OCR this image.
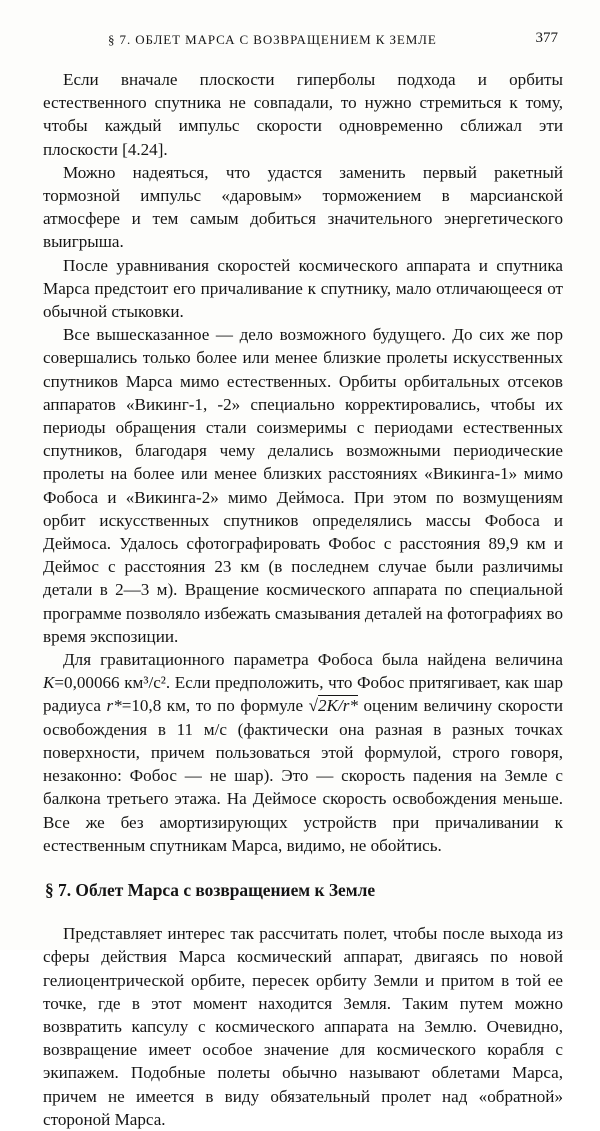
§ 7. ОБЛЕТ МАРСА С ВОЗВРАЩЕНИЕМ К ЗЕМЛЕ	377

Если вначале плоскости гиперболы подхода и орбиты естественного спутника не совпадали, то нужно стремиться к тому, чтобы каждый импульс скорости одновременно сближал эти плоскости [4.24].

Можно надеяться, что удастся заменить первый ракетный тормозной импульс «даровым» торможением в марсианской атмосфере и тем самым добиться значительного энергетического выигрыша.

После уравнивания скоростей космического аппарата и спутника Марса предстоит его причаливание к спутнику, мало отличающееся от обычной стыковки.

Все вышесказанное — дело возможного будущего. До сих же пор совершались только более или менее близкие пролеты искусственных спутников Марса мимо естественных. Орбиты орбитальных отсеков аппаратов «Викинг-1, -2» специально корректировались, чтобы их периоды обращения стали соизмеримы с периодами естественных спутников, благодаря чему делались возможными периодические пролеты на более или менее близких расстояниях «Викинга-1» мимо Фобоса и «Викинга-2» мимо Деймоса. При этом по возмущениям орбит искусственных спутников определялись массы Фобоса и Деймоса. Удалось сфотографировать Фобос с расстояния 89,9 км и Деймос с расстояния 23 км (в последнем случае были различимы детали в 2—3 м). Вращение космического аппарата по специальной программе позволяло избежать смазывания деталей на фотографиях во время экспозиции.

Для гравитационного параметра Фобоса была найдена величина K=0,00066 км³/с². Если предположить, что Фобос притягивает, как шар радиуса r*=10,8 км, то по формуле √2K/r* оценим величину скорости освобождения в 11 м/с (фактически она разная в разных точках поверхности, причем пользоваться этой формулой, строго говоря, незаконно: Фобос — не шар). Это — скорость падения на Земле с балкона третьего этажа. На Деймосе скорость освобождения меньше. Все же без амортизирующих устройств при причаливании к естественным спутникам Марса, видимо, не обойтись.

§ 7. Облет Марса с возвращением к Земле

Представляет интерес так рассчитать полет, чтобы после выхода из сферы действия Марса космический аппарат, двигаясь по новой гелиоцентрической орбите, пересек орбиту Земли и притом в той ее точке, где в этот момент находится Земля. Таким путем можно возвратить капсулу с космического аппарата на Землю. Очевидно, возвращение имеет особое значение для космического корабля с экипажем. Подобные полеты обычно называют облетами Марса, причем не имеется в виду обязательный пролет над «обратной» стороной Марса.
